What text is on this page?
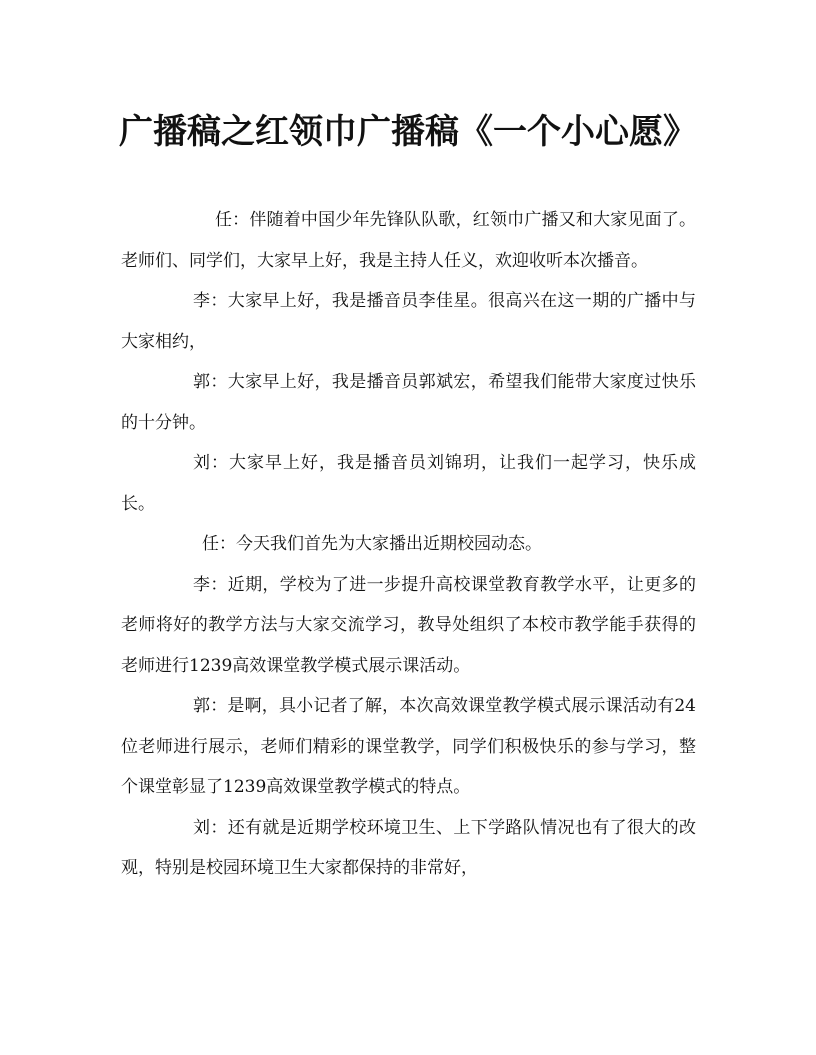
广播稿之红领巾广播稿《一个小心愿》

任：伴随着中国少年先锋队队歌，红领巾广播又和大家见面了。老师们、同学们，大家早上好，我是主持人任义，欢迎收听本次播音。

李：大家早上好，我是播音员李佳星。很高兴在这一期的广播中与大家相约，

郭：大家早上好，我是播音员郭斌宏，希望我们能带大家度过快乐的十分钟。

刘：大家早上好，我是播音员刘锦玥，让我们一起学习，快乐成长。

任：今天我们首先为大家播出近期校园动态。

李：近期，学校为了进一步提升高校课堂教育教学水平，让更多的老师将好的教学方法与大家交流学习，教导处组织了本校市教学能手获得的老师进行1239高效课堂教学模式展示课活动。

郭：是啊，具小记者了解，本次高效课堂教学模式展示课活动有24位老师进行展示，老师们精彩的课堂教学，同学们积极快乐的参与学习，整个课堂彰显了1239高效课堂教学模式的特点。

刘：还有就是近期学校环境卫生、上下学路队情况也有了很大的改观，特别是校园环境卫生大家都保持的非常好，
